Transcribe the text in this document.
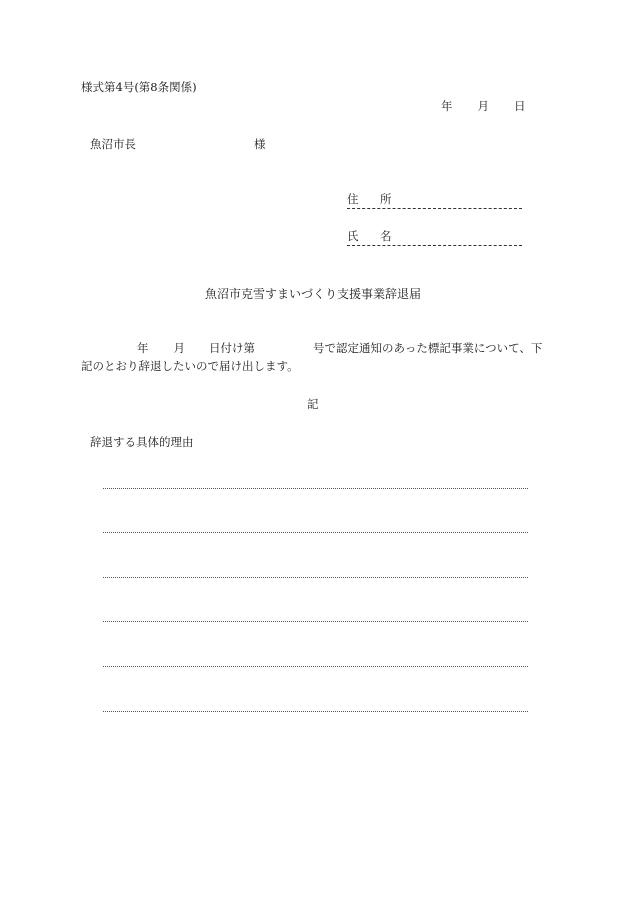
様式第4号(第8条関係)
年 月 日
魚沼市長	様
住 所
氏 名
魚沼市克雪すまいづくり支援事業辞退届
年 月 日付け第	号で認定通知のあった標記事業について、下
記のとおり辞退したいので届け出します。
記
辞退する具体的理由
